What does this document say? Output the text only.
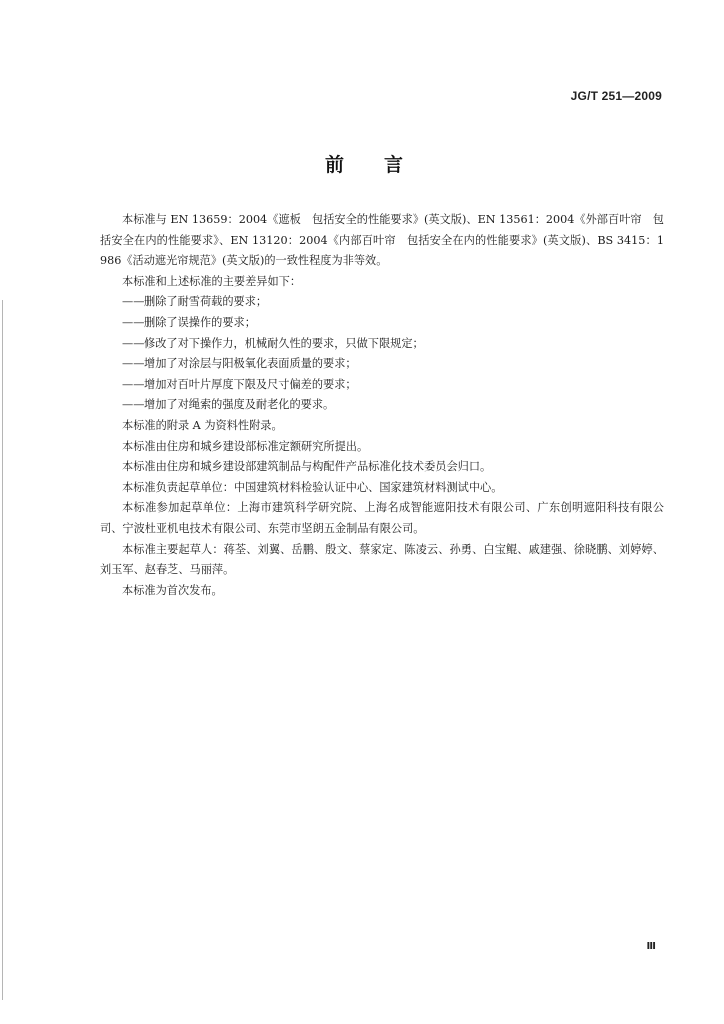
JG/T 251—2009
前言

本标准与 EN 13659：2004《遮板　包括安全的性能要求》(英文版)、EN 13561：2004《外部百叶帘　包括安全在内的性能要求》、EN 13120：2004《内部百叶帘　包括安全在内的性能要求》(英文版)、BS 3415：1986《活动遮光帘规范》(英文版)的一致性程度为非等效。

本标准和上述标准的主要差异如下：

——删除了耐雪荷载的要求；

——删除了误操作的要求；

——修改了对下操作力，机械耐久性的要求，只做下限规定；

——增加了对涂层与阳极氧化表面质量的要求；

——增加对百叶片厚度下限及尺寸偏差的要求；

——增加了对绳索的强度及耐老化的要求。

本标准的附录 A 为资料性附录。

本标准由住房和城乡建设部标准定额研究所提出。

本标准由住房和城乡建设部建筑制品与构配件产品标准化技术委员会归口。

本标准负责起草单位：中国建筑材料检验认证中心、国家建筑材料测试中心。

本标准参加起草单位：上海市建筑科学研究院、上海名成智能遮阳技术有限公司、广东创明遮阳科技有限公司、宁波杜亚机电技术有限公司、东莞市坚朗五金制品有限公司。

本标准主要起草人：蒋荃、刘翼、岳鹏、殷文、蔡家定、陈凌云、孙勇、白宝鲲、戚建强、徐晓鹏、刘婷婷、刘玉军、赵春芝、马丽萍。

本标准为首次发布。

Ⅲ
